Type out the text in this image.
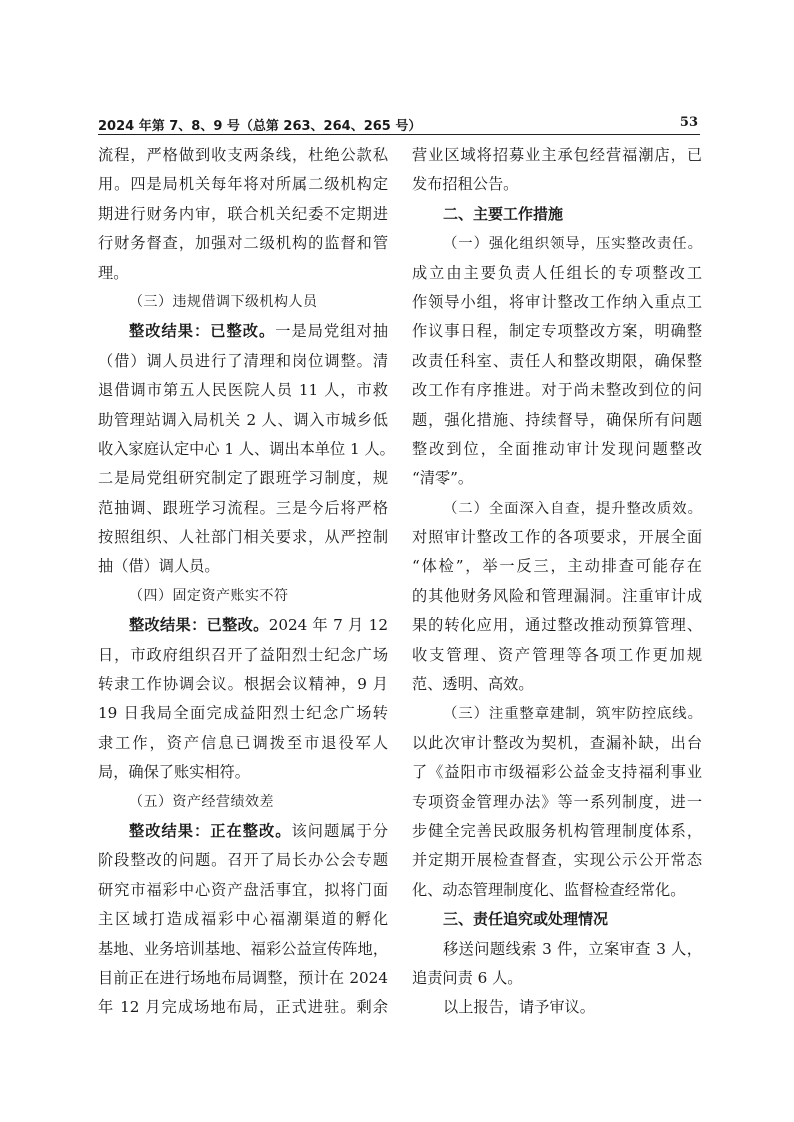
2024 年第 7、8、9 号（总第 263、264、265 号）	53
流程，严格做到收支两条线，杜绝公款私
用。四是局机关每年将对所属二级机构定
期进行财务内审，联合机关纪委不定期进
行财务督查，加强对二级机构的监督和管
理。
（三）违规借调下级机构人员
整改结果：已整改。一是局党组对抽
（借）调人员进行了清理和岗位调整。清
退借调市第五人民医院人员 11 人，市救
助管理站调入局机关 2 人、调入市城乡低
收入家庭认定中心 1 人、调出本单位 1 人。
二是局党组研究制定了跟班学习制度，规
范抽调、跟班学习流程。三是今后将严格
按照组织、人社部门相关要求，从严控制
抽（借）调人员。
（四）固定资产账实不符
整改结果：已整改。2024 年 7 月 12
日，市政府组织召开了益阳烈士纪念广场
转隶工作协调会议。根据会议精神，9 月
19 日我局全面完成益阳烈士纪念广场转
隶工作，资产信息已调拨至市退役军人
局，确保了账实相符。
（五）资产经营绩效差
整改结果：正在整改。该问题属于分
阶段整改的问题。召开了局长办公会专题
研究市福彩中心资产盘活事宜，拟将门面
主区域打造成福彩中心福潮渠道的孵化
基地、业务培训基地、福彩公益宣传阵地，
目前正在进行场地布局调整，预计在 2024
年 12 月完成场地布局，正式进驻。剩余
营业区域将招募业主承包经营福潮店，已
发布招租公告。
二、主要工作措施
（一）强化组织领导，压实整改责任。
成立由主要负责人任组长的专项整改工
作领导小组，将审计整改工作纳入重点工
作议事日程，制定专项整改方案，明确整
改责任科室、责任人和整改期限，确保整
改工作有序推进。对于尚未整改到位的问
题，强化措施、持续督导，确保所有问题
整改到位，全面推动审计发现问题整改
“清零”。
（二）全面深入自查，提升整改质效。
对照审计整改工作的各项要求，开展全面
“体检”，举一反三，主动排查可能存在
的其他财务风险和管理漏洞。注重审计成
果的转化应用，通过整改推动预算管理、
收支管理、资产管理等各项工作更加规
范、透明、高效。
（三）注重整章建制，筑牢防控底线。
以此次审计整改为契机，查漏补缺，出台
了《益阳市市级福彩公益金支持福利事业
专项资金管理办法》等一系列制度，进一
步健全完善民政服务机构管理制度体系，
并定期开展检查督查，实现公示公开常态
化、动态管理制度化、监督检查经常化。
三、责任追究或处理情况
移送问题线索 3 件，立案审查 3 人，
追责问责 6 人。
以上报告，请予审议。
